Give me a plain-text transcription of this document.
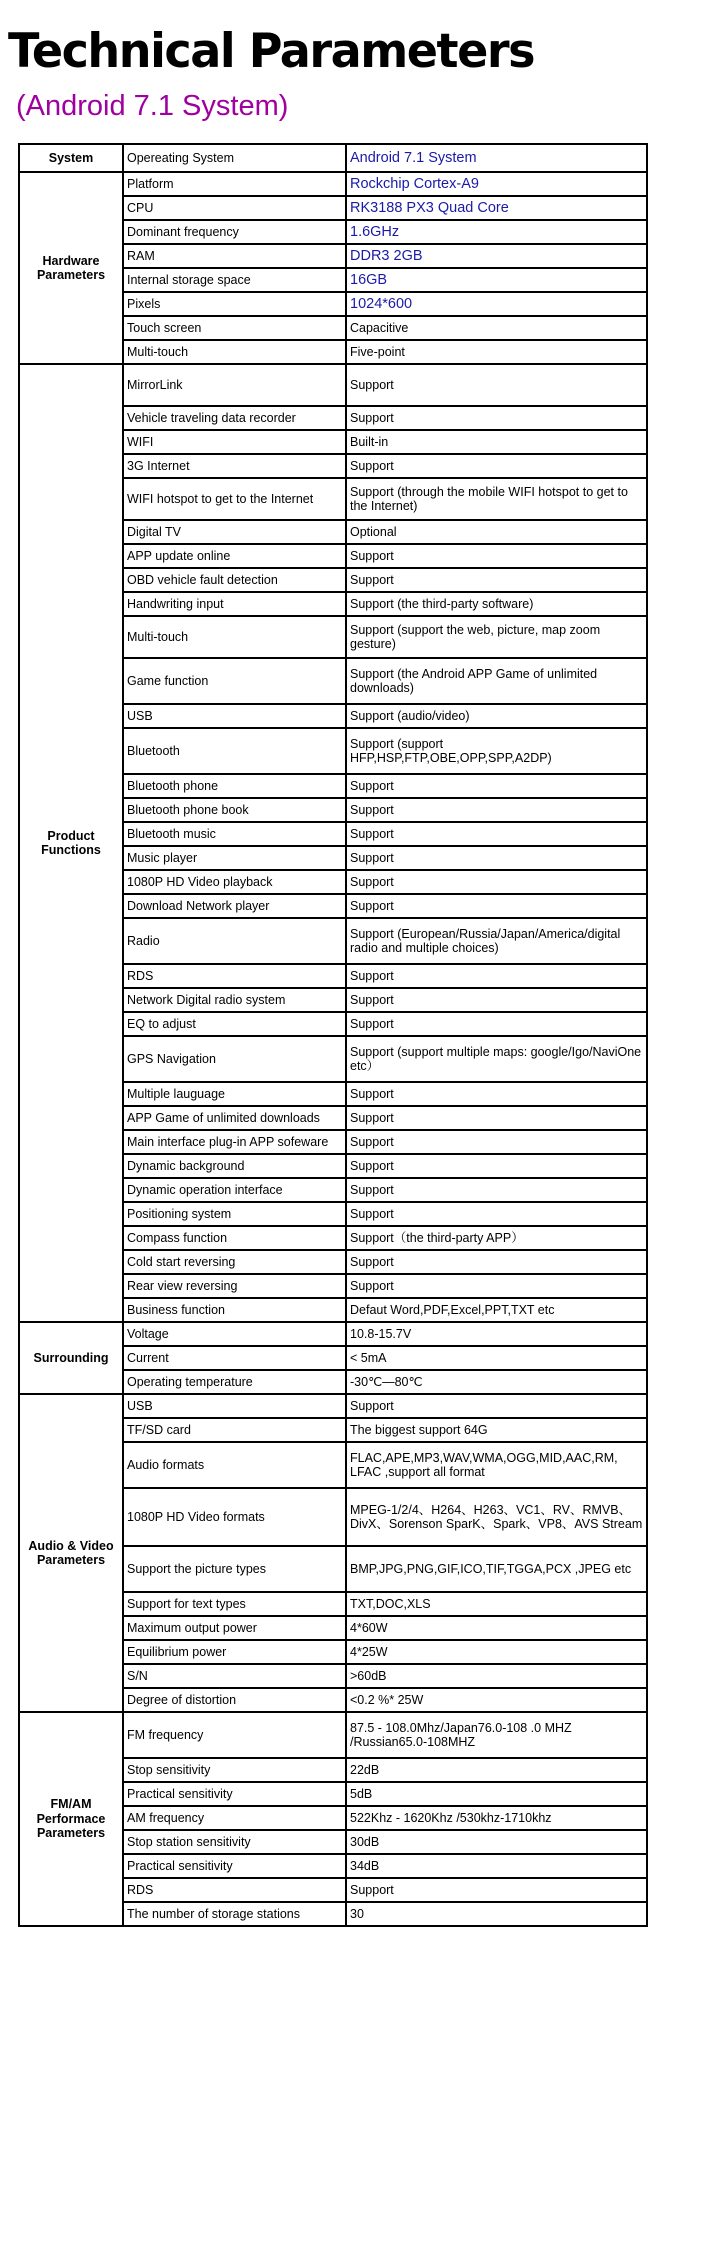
Technical Parameters
(Android 7.1 System)
System	Opereating System	Android 7.1 System
Hardware Parameters	Platform	Rockchip Cortex-A9
	CPU	RK3188 PX3 Quad Core
	Dominant frequency	1.6GHz
	RAM	DDR3 2GB
	Internal storage space	16GB
	Pixels	1024*600
	Touch screen	Capacitive
	Multi-touch	Five-point
Product Functions	MirrorLink	Support
	Vehicle traveling data recorder	Support
	WIFI	Built-in
	3G Internet	Support
	WIFI hotspot to get to the Internet	Support (through the mobile WIFI hotspot to get to the Internet)
	Digital TV	Optional
	APP update online	Support
	OBD vehicle fault detection	Support
	Handwriting input	Support (the third-party software)
	Multi-touch	Support (support the web, picture, map zoom gesture)
	Game function	Support (the Android APP Game of unlimited downloads)
	USB	Support (audio/video)
	Bluetooth	Support (support HFP,HSP,FTP,OBE,OPP,SPP,A2DP)
	Bluetooth phone	Support
	Bluetooth phone book	Support
	Bluetooth music	Support
	Music player	Support
	1080P HD Video playback	Support
	Download Network player	Support
	Radio	Support (European/Russia/Japan/America/digital radio and multiple choices)
	RDS	Support
	Network Digital radio system	Support
	EQ to adjust	Support
	GPS Navigation	Support (support multiple maps: google/Igo/NaviOne etc）
	Multiple lauguage	Support
	APP Game of unlimited downloads	Support
	Main interface plug-in APP sofeware	Support
	Dynamic background	Support
	Dynamic operation interface	Support
	Positioning system	Support
	Compass function	Support（the third-party APP）
	Cold start reversing	Support
	Rear view reversing	Support
	Business function	Defaut Word,PDF,Excel,PPT,TXT etc
Surrounding	Voltage	10.8-15.7V
	Current	< 5mA
	Operating temperature	-30℃—80℃
Audio & Video Parameters	USB	Support
	TF/SD card	The biggest support 64G
	Audio formats	FLAC,APE,MP3,WAV,WMA,OGG,MID,AAC,RM, LFAC ,support all format
	1080P HD Video formats	MPEG-1/2/4、H264、H263、VC1、RV、RMVB、DivX、Sorenson SparK、Spark、VP8、AVS Stream
	Support the picture types	BMP,JPG,PNG,GIF,ICO,TIF,TGGA,PCX ,JPEG etc
	Support for text types	TXT,DOC,XLS
	Maximum output power	4*60W
	Equilibrium power	4*25W
	S/N	>60dB
	Degree of distortion	<0.2 %* 25W
FM/AM Performace Parameters	FM frequency	87.5 - 108.0Mhz/Japan76.0-108 .0 MHZ /Russian65.0-108MHZ
	Stop sensitivity	22dB
	Practical sensitivity	5dB
	AM frequency	522Khz - 1620Khz /530khz-1710khz
	Stop station sensitivity	30dB
	Practical sensitivity	34dB
	RDS	Support
	The number of storage stations	30
